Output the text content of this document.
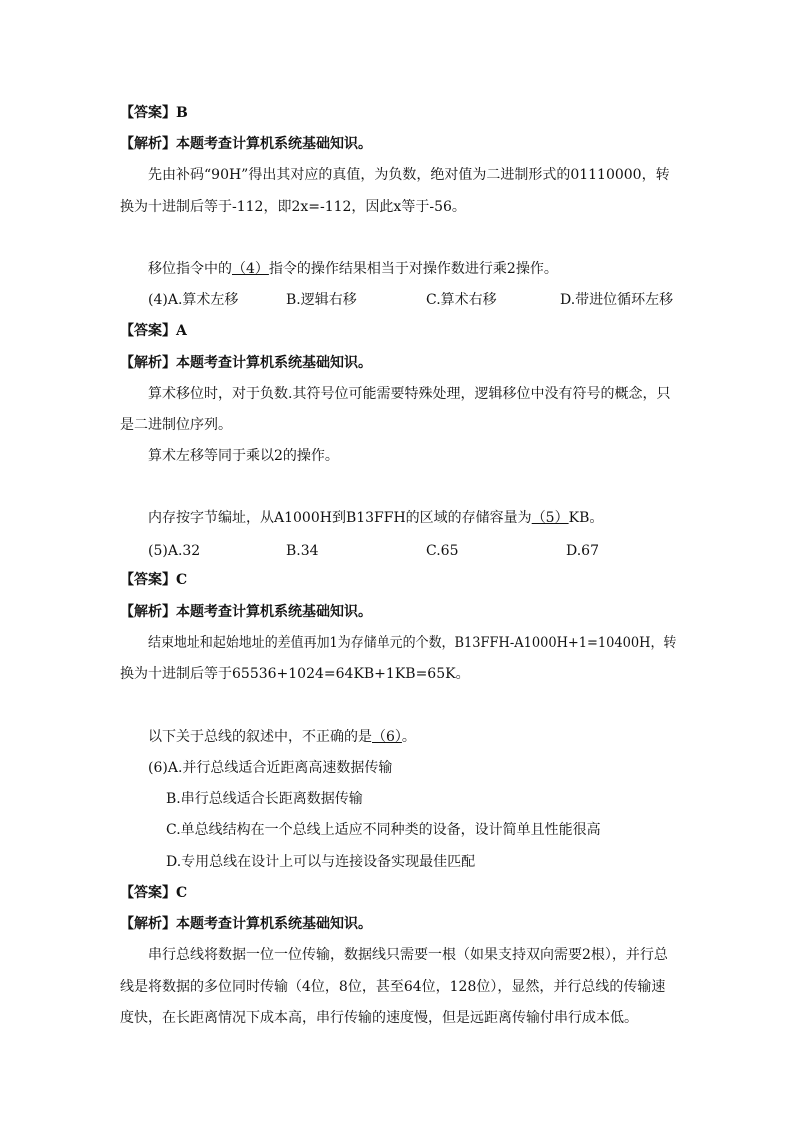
【答案】B
【解析】本题考查计算机系统基础知识。
先由补码“90H”得出其对应的真值，为负数，绝对值为二进制形式的01110000，转
换为十进制后等于-112，即2x=-112，因此x等于-56。
移位指令中的（4）指令的操作结果相当于对操作数进行乘2操作。
(4)A.算术左移	B.逻辑右移	C.算术右移	D.带进位循环左移
【答案】A
【解析】本题考查计算机系统基础知识。
算术移位时，对于负数.其符号位可能需要特殊处理，逻辑移位中没有符号的概念，只
是二进制位序列。
算术左移等同于乘以2的操作。
内存按字节编址，从A1000H到B13FFH的区域的存储容量为（5）KB。
(5)A.32	B.34	C.65	D.67
【答案】C
【解析】本题考查计算机系统基础知识。
结束地址和起始地址的差值再加1为存储单元的个数，B13FFH-A1000H+1=10400H，转
换为十进制后等于65536+1024=64KB+1KB=65K。
以下关于总线的叙述中，不正确的是（6）。
(6)A.并行总线适合近距离高速数据传输
B.串行总线适合长距离数据传输
C.单总线结构在一个总线上适应不同种类的设备，设计简单且性能很高
D.专用总线在设计上可以与连接设备实现最佳匹配
【答案】C
【解析】本题考查计算机系统基础知识。
串行总线将数据一位一位传输，数据线只需要一根（如果支持双向需要2根），并行总
线是将数据的多位同时传输（4位，8位，甚至64位，128位），显然，并行总线的传输速
度快，在长距离情况下成本高，串行传输的速度慢，但是远距离传输付串行成本低。
